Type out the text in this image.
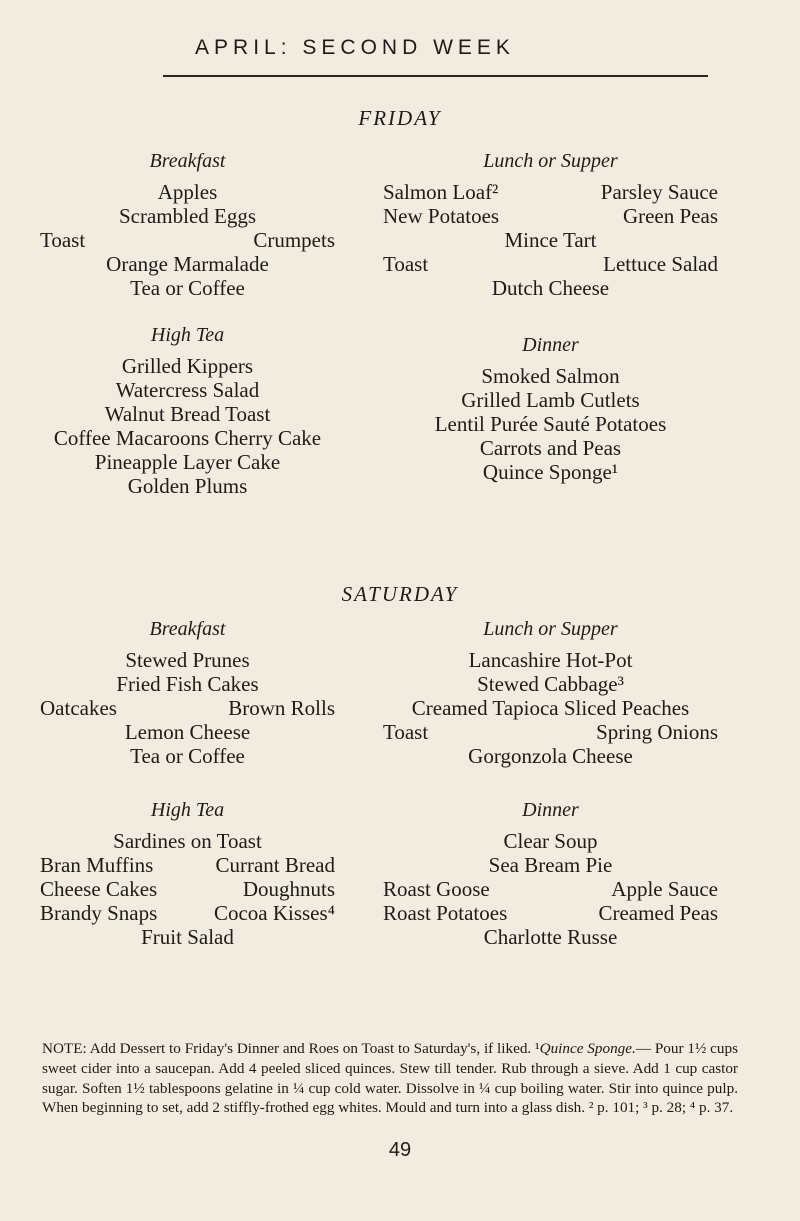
APRIL: SECOND WEEK
FRIDAY
Breakfast
Apples
Scrambled Eggs
Toast	Crumpets
Orange Marmalade
Tea or Coffee
Lunch or Supper
Salmon Loaf²	Parsley Sauce
New Potatoes	Green Peas
Mince Tart
Toast	Lettuce Salad
Dutch Cheese
High Tea
Grilled Kippers
Watercress Salad
Walnut Bread Toast
Coffee Macaroons Cherry Cake
Pineapple Layer Cake
Golden Plums
Dinner
Smoked Salmon
Grilled Lamb Cutlets
Lentil Purée Sauté Potatoes
Carrots and Peas
Quince Sponge¹
SATURDAY
Breakfast
Stewed Prunes
Fried Fish Cakes
Oatcakes	Brown Rolls
Lemon Cheese
Tea or Coffee
Lunch or Supper
Lancashire Hot-Pot
Stewed Cabbage³
Creamed Tapioca Sliced Peaches
Toast	Spring Onions
Gorgonzola Cheese
High Tea
Sardines on Toast
Bran Muffins	Currant Bread
Cheese Cakes	Doughnuts
Brandy Snaps	Cocoa Kisses⁴
Fruit Salad
Dinner
Clear Soup
Sea Bream Pie
Roast Goose	Apple Sauce
Roast Potatoes	Creamed Peas
Charlotte Russe
NOTE: Add Dessert to Friday's Dinner and Roes on Toast to Saturday's, if liked. ¹Quince Sponge.— Pour 1½ cups sweet cider into a saucepan. Add 4 peeled sliced quinces. Stew till tender. Rub through a sieve. Add 1 cup castor sugar. Soften 1½ tablespoons gelatine in ¼ cup cold water. Dissolve in ¼ cup boiling water. Stir into quince pulp. When beginning to set, add 2 stiffly-frothed egg whites. Mould and turn into a glass dish. ² p. 101; ³ p. 28; ⁴ p. 37.
49
